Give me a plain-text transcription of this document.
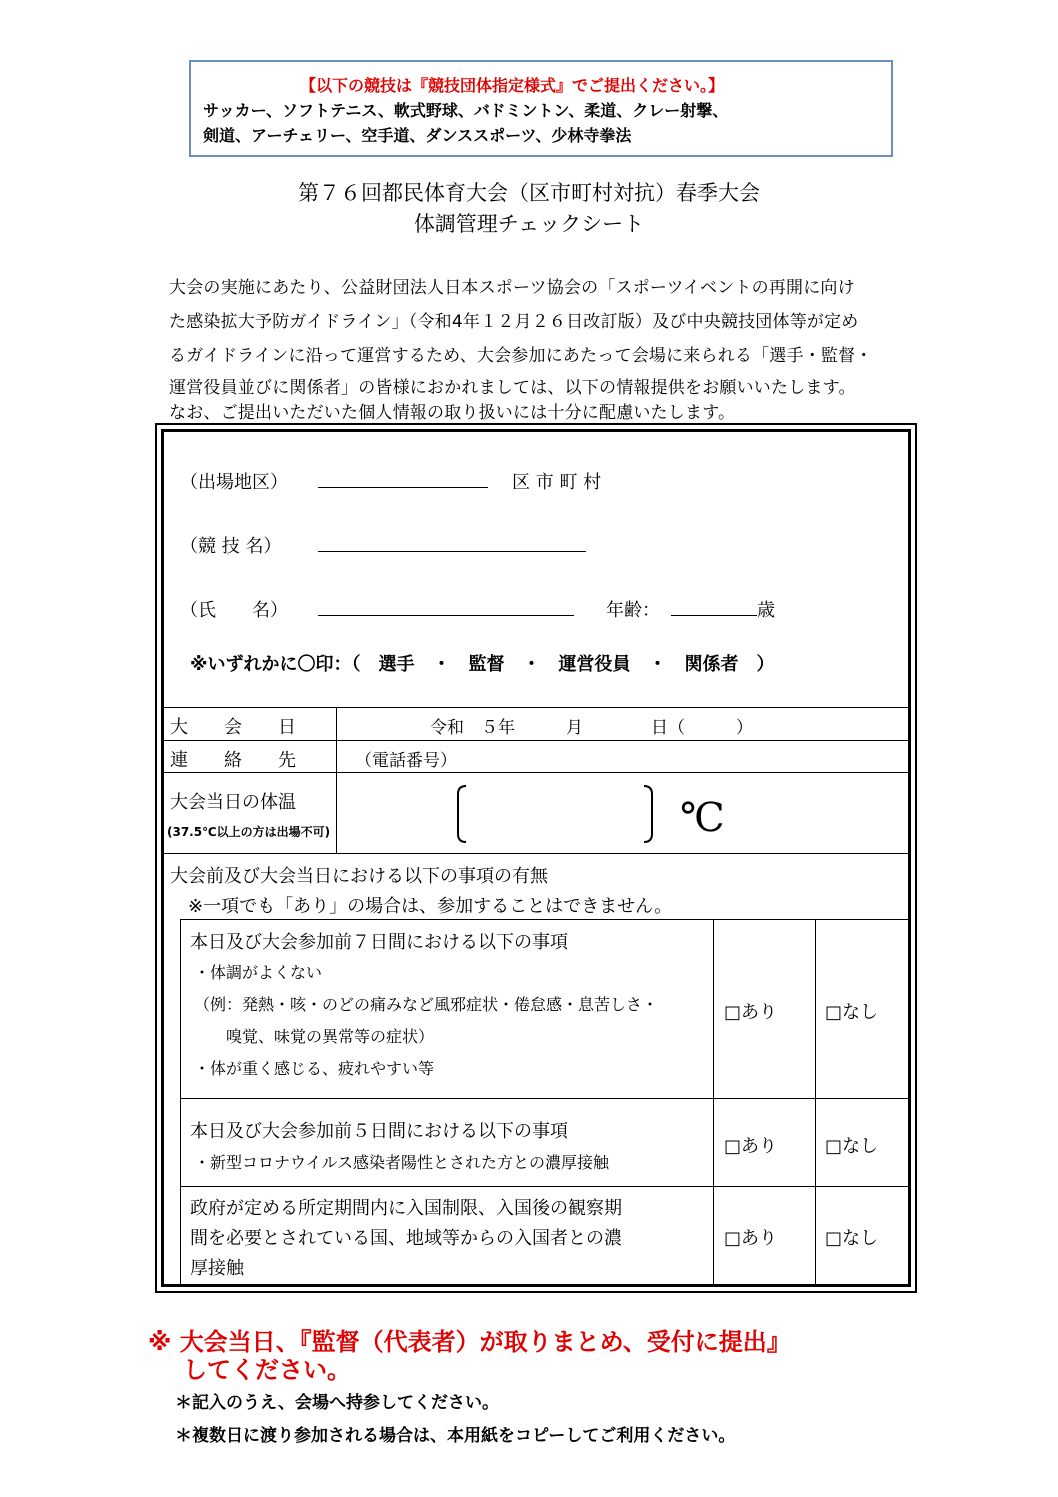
【以下の競技は『競技団体指定様式』でご提出ください。】
サッカー、ソフトテニス、軟式野球、バドミントン、柔道、クレー射撃、
剣道、アーチェリー、空手道、ダンススポーツ、少林寺拳法
第７６回都民体育大会（区市町村対抗）春季大会
体調管理チェックシート
大会の実施にあたり、公益財団法人日本スポーツ協会の「スポーツイベントの再開に向け
た感染拡大予防ガイドライン」（令和4年１２月２６日改訂版）及び中央競技団体等が定め
るガイドラインに沿って運営するため、大会参加にあたって会場に来られる「選手・監督・
運営役員並びに関係者」の皆様におかれましては、以下の情報提供をお願いいたします。
なお、ご提出いただいた個人情報の取り扱いには十分に配慮いたします。
（出場地区）	区 市 町 村
（競 技 名）
（氏　　名）	年齢：	歳
※いずれかに〇印：（　選手　・　監督　・　運営役員　・　関係者　）
大　　会　　日	令和　５年　　　月　　　　日（　　　）
連　　絡　　先	（電話番号）
大会当日の体温
(37.5℃以上の方は出場不可)	℃
大会前及び大会当日における以下の事項の有無
※一項でも「あり」の場合は、参加することはできません。
本日及び大会参加前７日間における以下の事項
・体調がよくない
（例：発熱・咳・のどの痛みなど風邪症状・倦怠感・息苦しさ・
　　嗅覚、味覚の異常等の症状）
・体が重く感じる、疲れやすい等
□あり	□なし
本日及び大会参加前５日間における以下の事項
・新型コロナウイルス感染者陽性とされた方との濃厚接触
□あり	□なし
政府が定める所定期間内に入国制限、入国後の観察期
間を必要とされている国、地域等からの入国者との濃
厚接触
□あり	□なし
※ 大会当日、『監督（代表者）が取りまとめ、受付に提出』
してください。
＊記入のうえ、会場へ持参してください。
＊複数日に渡り参加される場合は、本用紙をコピーしてご利用ください。
